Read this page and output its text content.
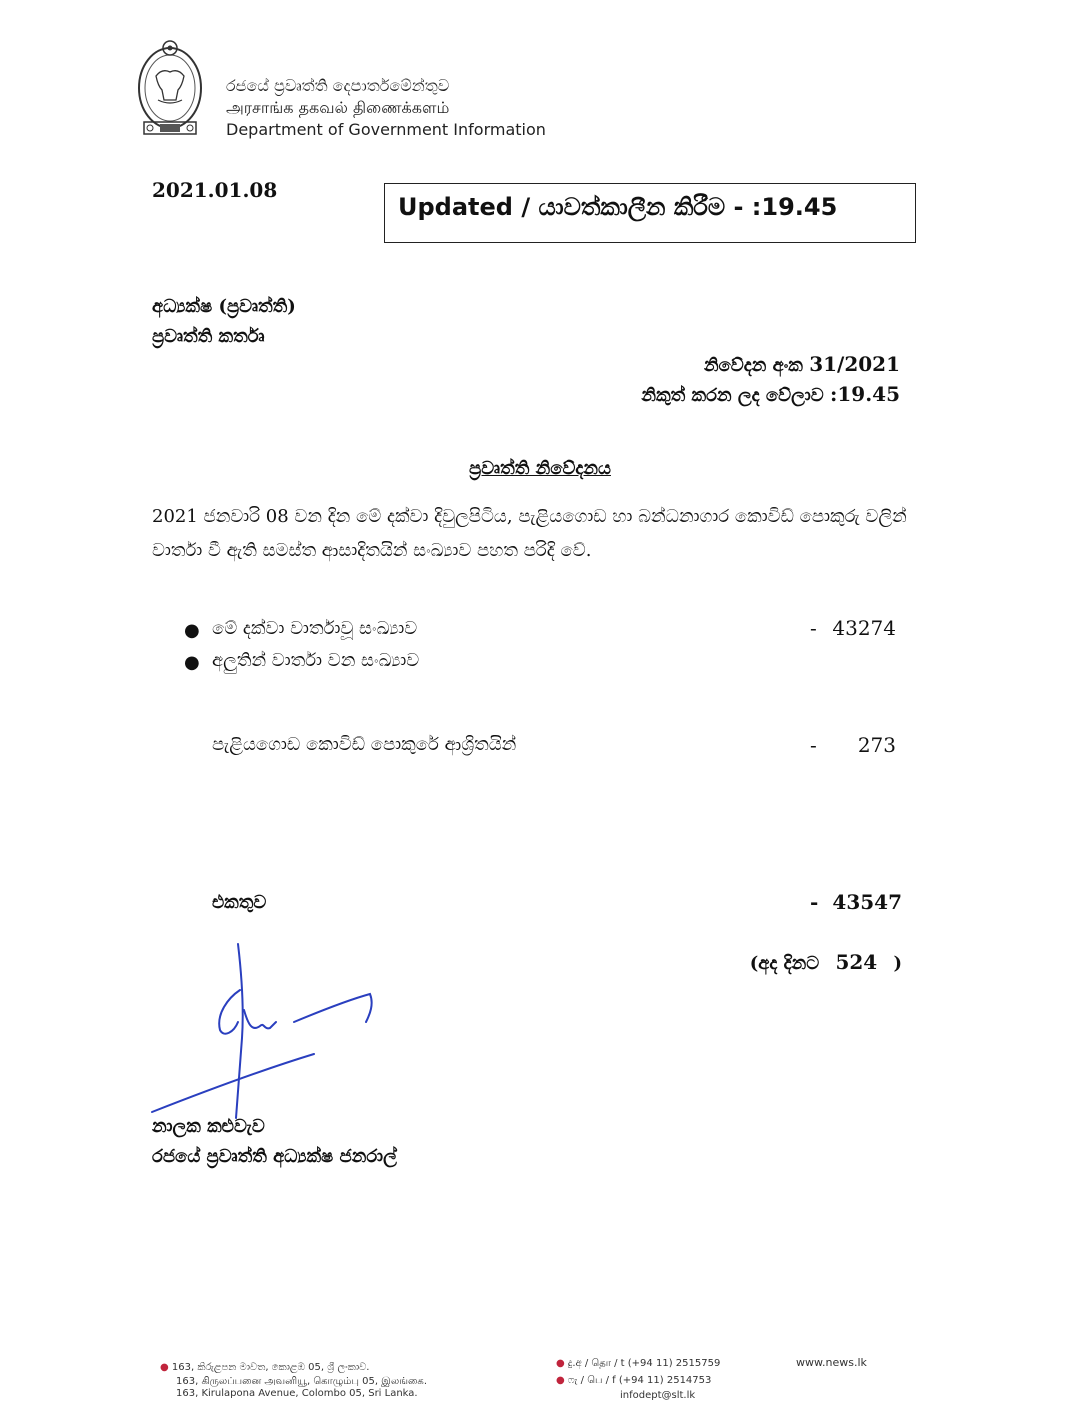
රජයේ ප්‍රවෘත්ති දෙපාර්තමේන්තුව
அரசாங்க தகவல் திணைக்களம்
Department of Government Information
2021.01.08
Updated / යාවත්කාලීන කිරීම - :19.45
අධ්‍යක්ෂ (ප්‍රවෘත්ති)
ප්‍රවෘත්ති කර්තෘ
නිවේදන අංක 31/2021
නිකුත් කරන ලද වේලාව :19.45
ප්‍රවෘත්ති නිවේදනය
2021 ජනවාරි 08 වන දින මේ දක්වා දිවුලපිටිය, පැළියගොඩ හා බන්ධනාගාර කොවිඩ් පොකුරු වලින් වාර්තා වී ඇති සමස්ත ආසාදිතයින් සංඛ්‍යාව පහත පරිදි වේ.
● මේ දක්වා වාර්තාවූ සංඛ්‍යාව	- 43274
● අලුතින් වාර්තා වන සංඛ්‍යාව
පැළියගොඩ කොවිඩ් පොකුරේ ආශ්‍රිතයින්	-	273
එකතුව	- 43547
(අද දිනට 524 )
නාලක කළුවැව
රජයේ ප්‍රවෘත්ති අධ්‍යක්ෂ ජනරාල්
● 163, කිරුළපන මාවත, කොළඹ 05, ශ්‍රී ලංකාව.
163, கிருலப்பனை அவனியூ, கொழும்பு 05, இலங்கை.
163, Kirulapona Avenue, Colombo 05, Sri Lanka.
● දු.අ / தொ / t (+94 11) 2515759
● ෆැ / பெ / f (+94 11) 2514753
infodept@slt.lk
www.news.lk
